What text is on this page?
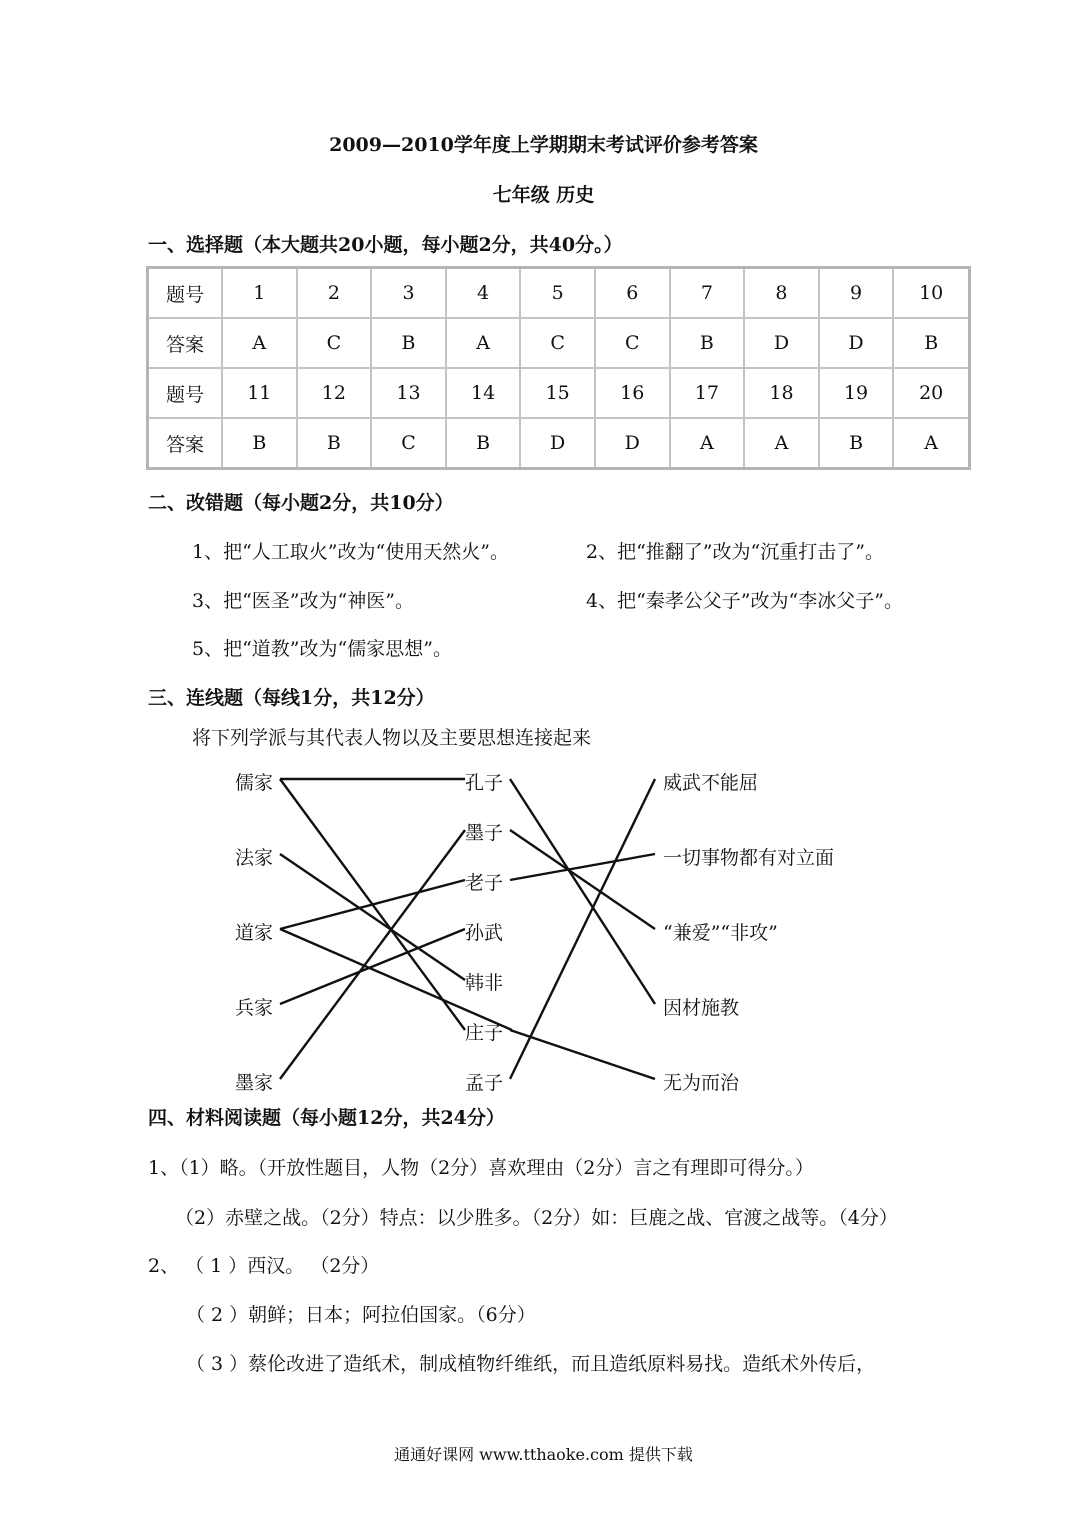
2009—2010学年度上学期期末考试评价参考答案
七年级 历史
一、选择题（本大题共20小题，每小题2分，共40分。）
题号	1	2	3	4	5	6	7	8	9	10
答案	A	C	B	A	C	C	B	D	D	B
题号	11	12	13	14	15	16	17	18	19	20
答案	B	B	C	B	D	D	A	A	B	A
二、改错题（每小题2分，共10分）
1、把“人工取火”改为“使用天然火”。	2、把“推翻了”改为“沉重打击了”。
3、把“医圣”改为“神医”。	4、把“秦孝公父子”改为“李冰父子”。
5、把“道教”改为“儒家思想”。
三、连线题（每线1分，共12分）
将下列学派与其代表人物以及主要思想连接起来
儒家
法家
道家
兵家
墨家
孔子
墨子
老子
孙武
韩非
庄子
孟子
威武不能屈
一切事物都有对立面
“兼爱”“非攻”
因材施教
无为而治
四、材料阅读题（每小题12分，共24分）
1、（1）略。（开放性题目，人物（2分）喜欢理由（2分）言之有理即可得分。）
（2）赤壁之战。（2分）特点：以少胜多。（2分）如：巨鹿之战、官渡之战等。（4分）
2、 （ 1 ）西汉。 （2分）
（ 2 ）朝鲜；日本；阿拉伯国家。（6分）
（ 3 ）蔡伦改进了造纸术，制成植物纤维纸，而且造纸原料易找。造纸术外传后，
通通好课网 www.tthaoke.com 提供下载
